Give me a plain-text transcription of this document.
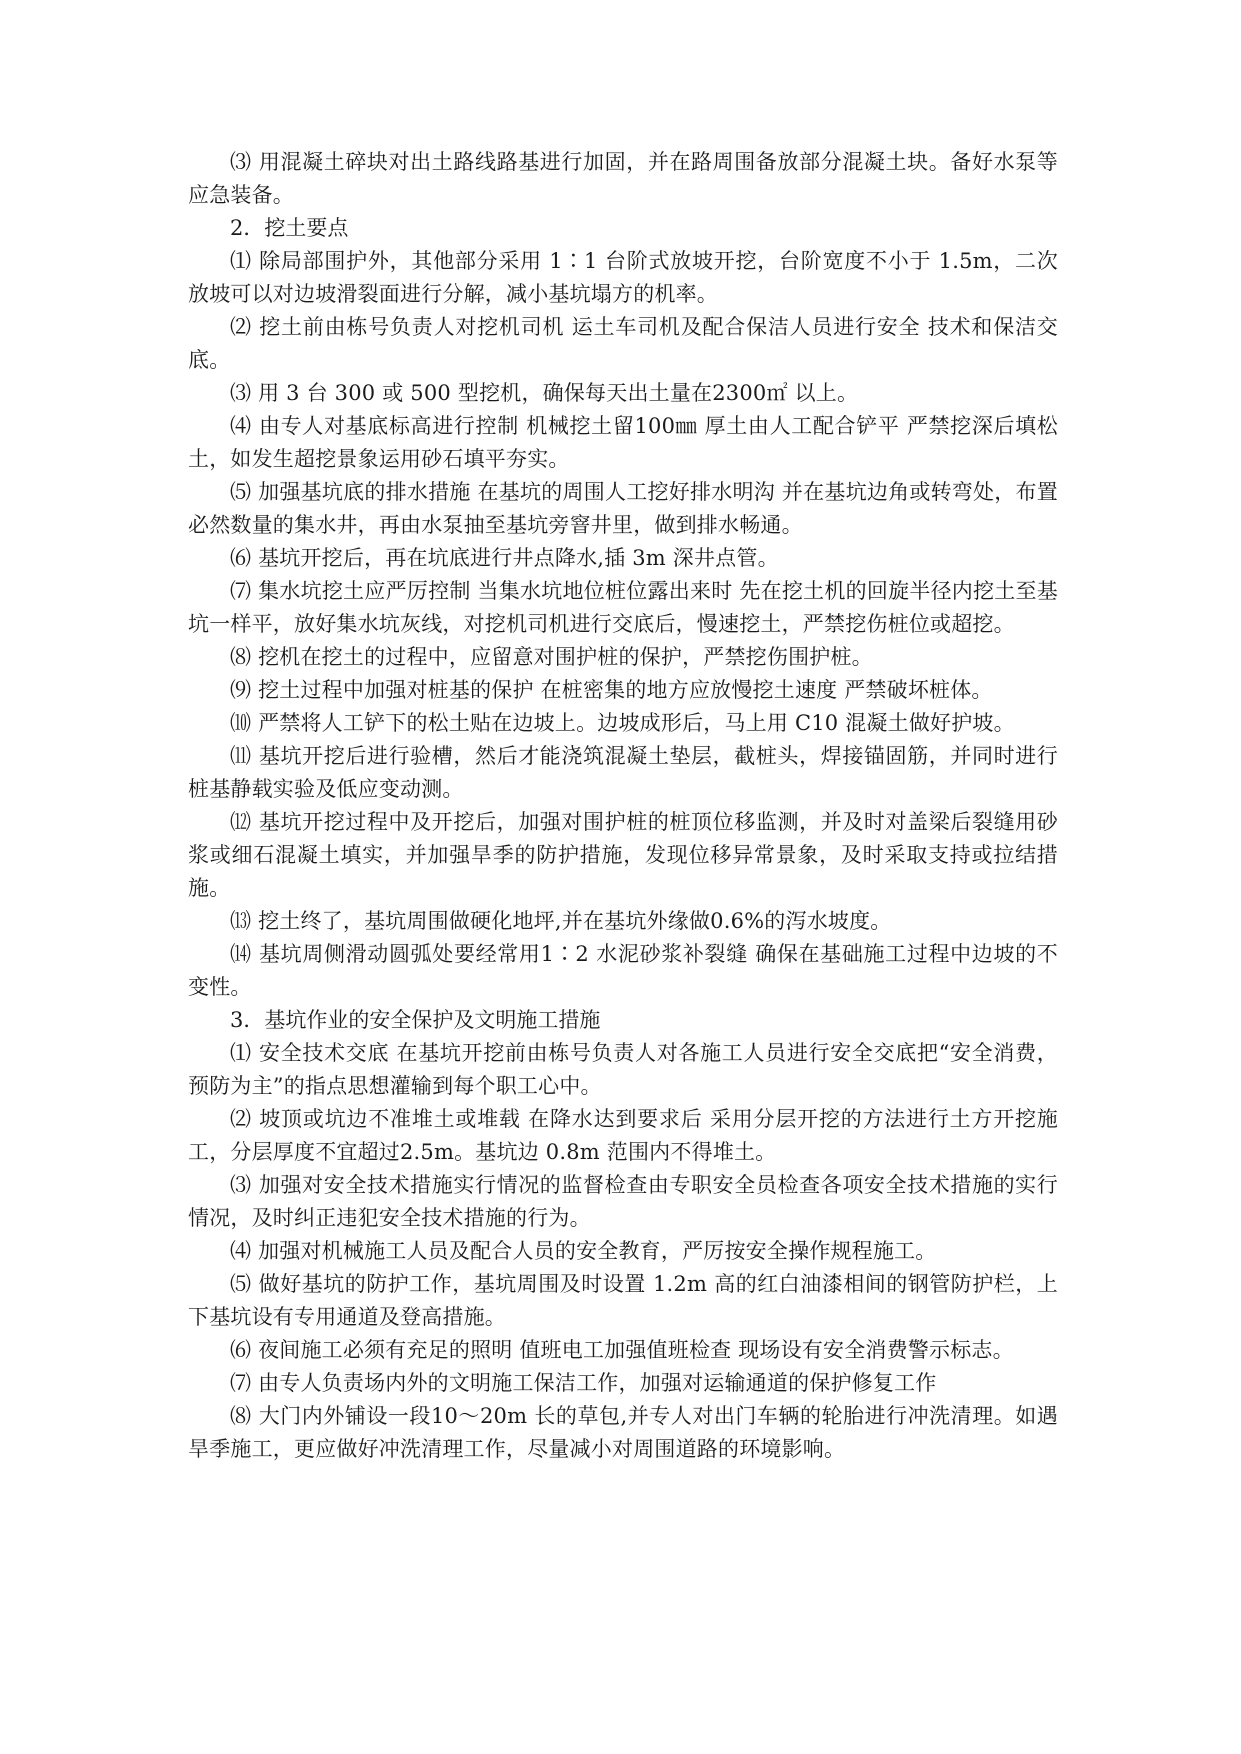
⑶ 用混凝土碎块对出土路线路基进行加固，并在路周围备放部分混凝土块。备好水泵等应急装备。

2．挖土要点

⑴ 除局部围护外，其他部分采用 1∶1 台阶式放坡开挖，台阶宽度不小于 1.5m，二次放坡可以对边坡滑裂面进行分解，减小基坑塌方的机率。

⑵ 挖土前由栋号负责人对挖机司机 运土车司机及配合保洁人员进行安全 技术和保洁交底。

⑶ 用 3 台 300 或 500 型挖机，确保每天出土量在2300㎡ 以上。

⑷ 由专人对基底标高进行控制 机械挖土留100㎜ 厚土由人工配合铲平 严禁挖深后填松土，如发生超挖景象运用砂石填平夯实。

⑸ 加强基坑底的排水措施 在基坑的周围人工挖好排水明沟 并在基坑边角或转弯处，布置必然数量的集水井，再由水泵抽至基坑旁窨井里，做到排水畅通。

⑹ 基坑开挖后，再在坑底进行井点降水,插 3m 深井点管。

⑺ 集水坑挖土应严厉控制 当集水坑地位桩位露出来时 先在挖土机的回旋半径内挖土至基坑一样平，放好集水坑灰线，对挖机司机进行交底后，慢速挖土，严禁挖伤桩位或超挖。

⑻ 挖机在挖土的过程中，应留意对围护桩的保护，严禁挖伤围护桩。

⑼ 挖土过程中加强对桩基的保护 在桩密集的地方应放慢挖土速度 严禁破坏桩体。

⑽ 严禁将人工铲下的松土贴在边坡上。边坡成形后，马上用 C10 混凝土做好护坡。

⑾ 基坑开挖后进行验槽，然后才能浇筑混凝土垫层，截桩头，焊接锚固筋，并同时进行桩基静载实验及低应变动测。

⑿ 基坑开挖过程中及开挖后，加强对围护桩的桩顶位移监测，并及时对盖梁后裂缝用砂浆或细石混凝土填实，并加强旱季的防护措施，发现位移异常景象，及时采取支持或拉结措施。

⒀ 挖土终了，基坑周围做硬化地坪,并在基坑外缘做0.6%的泻水坡度。

⒁ 基坑周侧滑动圆弧处要经常用1∶2 水泥砂浆补裂缝 确保在基础施工过程中边坡的不变性。

3．基坑作业的安全保护及文明施工措施

⑴ 安全技术交底 在基坑开挖前由栋号负责人对各施工人员进行安全交底把“安全消费，预防为主”的指点思想灌输到每个职工心中。

⑵ 坡顶或坑边不准堆土或堆载 在降水达到要求后 采用分层开挖的方法进行土方开挖施工，分层厚度不宜超过2.5m。基坑边 0.8m 范围内不得堆土。

⑶ 加强对安全技术措施实行情况的监督检查由专职安全员检查各项安全技术措施的实行情况，及时纠正违犯安全技术措施的行为。

⑷ 加强对机械施工人员及配合人员的安全教育，严厉按安全操作规程施工。

⑸ 做好基坑的防护工作，基坑周围及时设置 1.2m 高的红白油漆相间的钢管防护栏，上下基坑设有专用通道及登高措施。

⑹ 夜间施工必须有充足的照明 值班电工加强值班检查 现场设有安全消费警示标志。

⑺ 由专人负责场内外的文明施工保洁工作，加强对运输通道的保护修复工作

⑻ 大门内外铺设一段10～20m 长的草包,并专人对出门车辆的轮胎进行冲洗清理。如遇旱季施工，更应做好冲洗清理工作，尽量减小对周围道路的环境影响。
